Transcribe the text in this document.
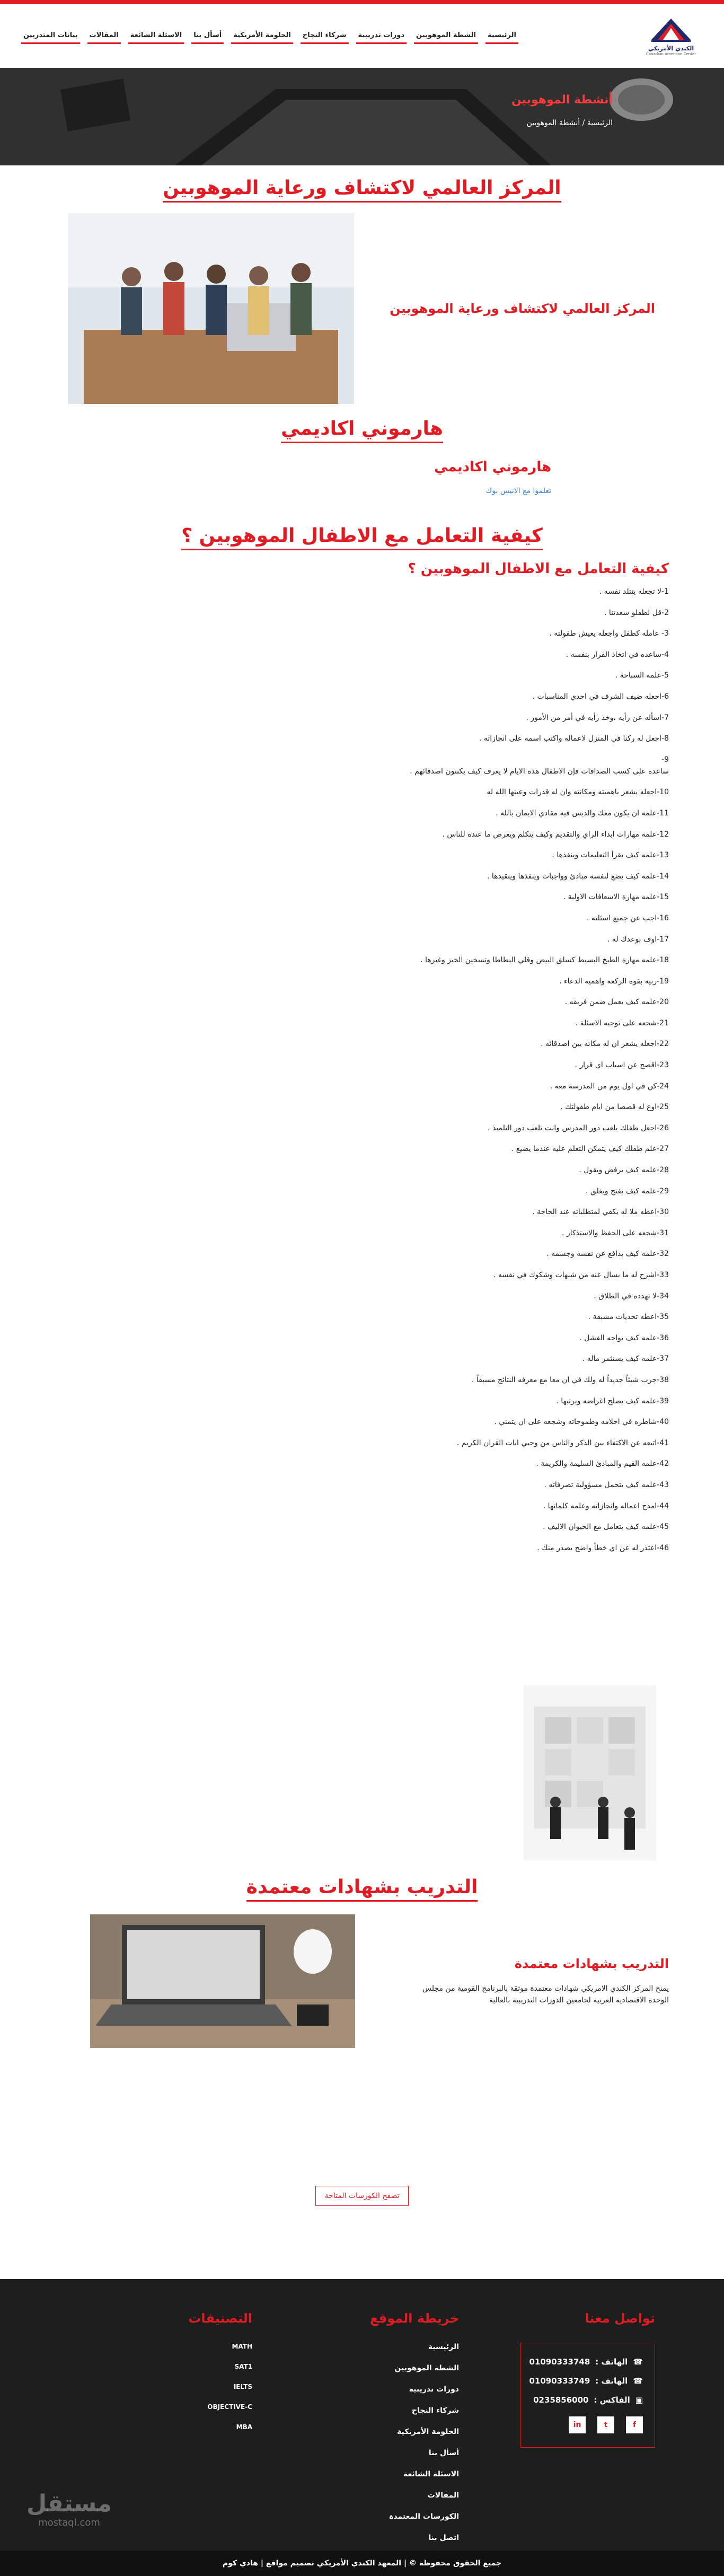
الكندي الأمريكي
Canadian American Center
الرئيسية
الشطة الموهوبين
دورات تدريبية
شركاء النجاح
الحلومة الأمريكية
أسأل بنا
الاسئلة الشائعة
المقالات
بيانات المتدربين
أنشطة الموهوبين
الرئيسية / أنشطة الموهوبين
المركز العالمي لاكتشاف ورعاية الموهوبين
المركز العالمي لاكتشاف ورعاية الموهوبين
هارموني اكاديمي
هارموني اكاديمي
تعلموا مع الانيس بوك
كيفية التعامل مع الاطفال الموهوبين ؟
كيفية التعامل مع الاطفال الموهوبين ؟
1-لا تجعله يتتلد نفسه .
2-قل لطفلو سعدتنا .
3- عامله كطفل واجعله يعيش طفولته .
4-ساعده في اتخاذ القرار بنفسه .
5-علمه السباحة .
6-اجعله ضيف الشرف في احدي المناسبات .
7-اسأله عن رأيه ،وخذ رأيه في أمر من الأمور .
8-اجعل له ركنا في المنزل لاعماله واكتب اسمه على انجازاته .
9-
ساعده على كسب الصداقات فإن الاطفال هذه الايام لا يعرف كيف يكتنون اصدقائهم .
10-اجعله يشعر باهميته ومكانته وان له قدرات وعينها الله له
11-علمه ان يكون معك والديس فيه مقادي الايمان بالله .
12-علمه مهارات ابداء الراي والتقديم وكيف يتكلم ويعرض ما عنده للناس .
13-علمه كيف يقرأ التعليمات وينفذها .
14-علمه كيف يضع لنفسه مبادئ وواجبات وينفذها ويتقيدها .
15-علمه مهارة الاسعافات الاولية .
16-اجب عن جميع اسئلته .
17-اوف بوعدك له .
18-علمه مهارة الطبخ البسيط كسلق البيض وقلي البطاطا وتسخين الخبز وغيرها .
19-ربيه بقوة الركعة واهمية الدعاء .
20-علمه كيف يعمل ضمن فريقه .
21-شجعه على توجيه الاسئلة .
22-اجعله يشعر ان له مكانه بين اصدقائه .
23-اقصح عن اسباب اي قرار .
24-كن في اول يوم من المدرسة معه .
25-اوع له قصصا من ايام طفولتك .
26-اجعل طفلك يلعب دور المدرس وانت تلعب دور التلميذ .
27-علم طفلك كيف يتمكن التعلم عليه عندما يضيع .
28-علمه كيف يرفض ويقول .
29-علمه كيف يفتح ويغلق .
30-اعطه ملا له يكفي لمتطلباته عند الحاجة .
31-شجعه على الحفظ والاستذكار .
32-علمه كيف يدافع عن نفسه وجسمه .
33-اشرح له ما يسال عنه من شبهات وشكوك في نفسه .
34-لا تهدده في الطلاق .
35-اعطه تحديات مسبقة .
36-علمه كيف يواجه الفشل .
37-علمه كيف يستثمر ماله .
38-جرب شيئاً جديداً له ولك في ان معا مع معرفه النتائج مسبقاً .
39-علمه كيف يصلح اغراضه ويرتبها .
40-شاطره في احلامه وطموحاته وشجعه على ان يتمني .
41-اتيعه عن الاكتفاء بين الذكر والناس من وجبي ابات القران الكريم .
42-علمه القيم والمبادئ السليمة والكريمة .
43-علمه كيف يتحمل مسؤولية تصرفاته .
44-امدح اعماله وانجازاته وعلمه كلماتها .
45-علمه كيف يتعامل مع الحيوان الاليف .
46-اعتذر له عن اي خطأ واضح يصدر منك .
التدريب بشهادات معتمدة
التدريب بشهادات معتمدة
يمنح المركز الكندي الامريكي شهادات معتمدة موثقة بالبرنامج القومية من مجلس
الوحدة الاقتصادية العربية لجامعين الدورات التدريبية بالعالية
تصفح الكورسات المتاحة
تواصل معنا
☎
الهاتف :
01090333748
☎
الهاتف :
01090333749
▣
الفاكس :
0235856000
f
t
in
خريطة الموقع
الرئيسية
الشطة الموهوبين
دورات تدريبية
شركاء النجاح
الحلومة الأمريكية
أسأل بنا
الاسئلة الشائعة
المقالات
الكورسات المعتمدة
اتصل بنا
التصنيفات
MATH
SAT1
IELTS
OBJECTIVE-C
MBA
مستقل
mostaql.com
جميع الحقوق محفوظة © | المعهد الكندي الأمريكي تصميم مواقع | هادي كوم
